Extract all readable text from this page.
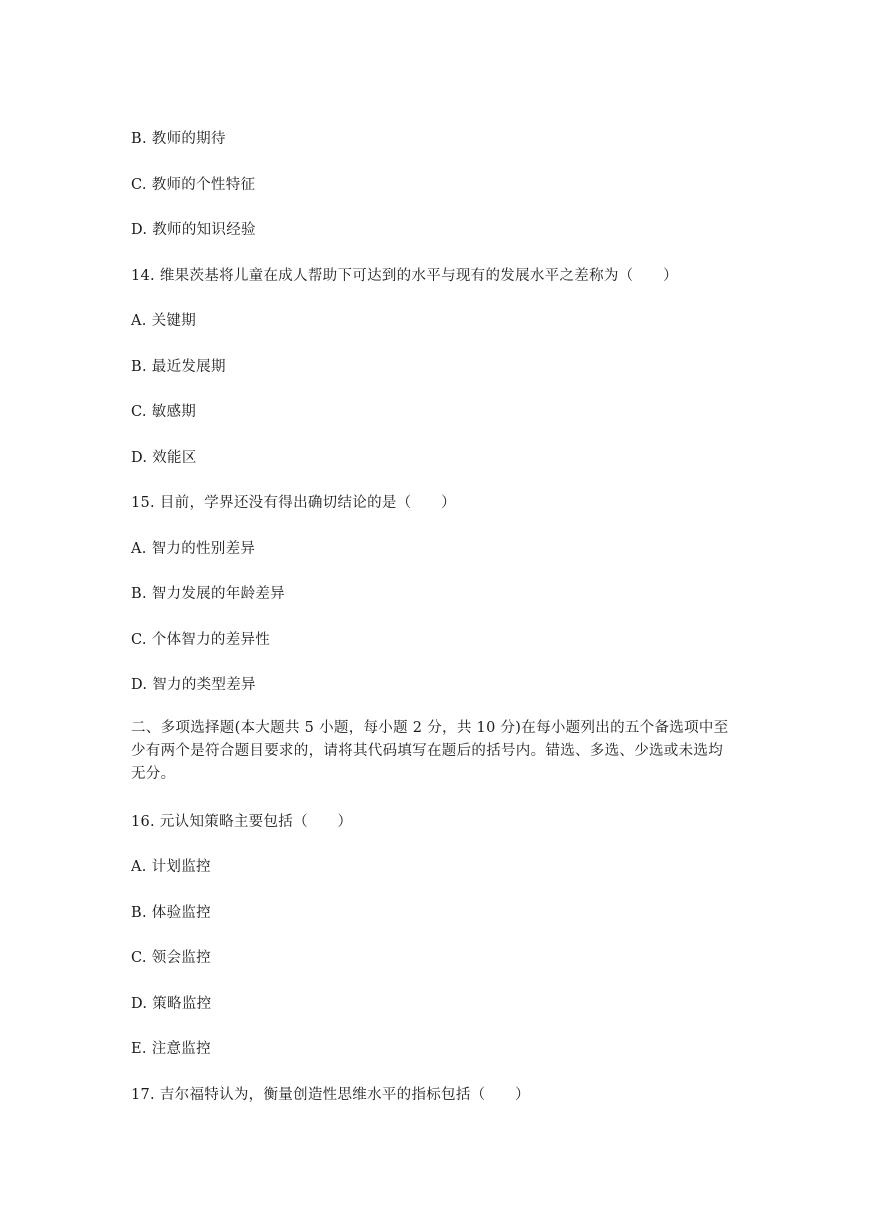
B. 教师的期待
C. 教师的个性特征
D. 教师的知识经验
14. 维果茨基将儿童在成人帮助下可达到的水平与现有的发展水平之差称为（　　）
A. 关键期
B. 最近发展期
C. 敏感期
D. 效能区
15. 目前，学界还没有得出确切结论的是（　　）
A. 智力的性别差异
B. 智力发展的年龄差异
C. 个体智力的差异性
D. 智力的类型差异
二、多项选择题(本大题共 5 小题，每小题 2 分，共 10 分)在每小题列出的五个备选项中至
少有两个是符合题目要求的，请将其代码填写在题后的括号内。错选、多选、少选或未选均
无分。
16. 元认知策略主要包括（　　）
A. 计划监控
B. 体验监控
C. 领会监控
D. 策略监控
E. 注意监控
17. 吉尔福特认为，衡量创造性思维水平的指标包括（　　）
